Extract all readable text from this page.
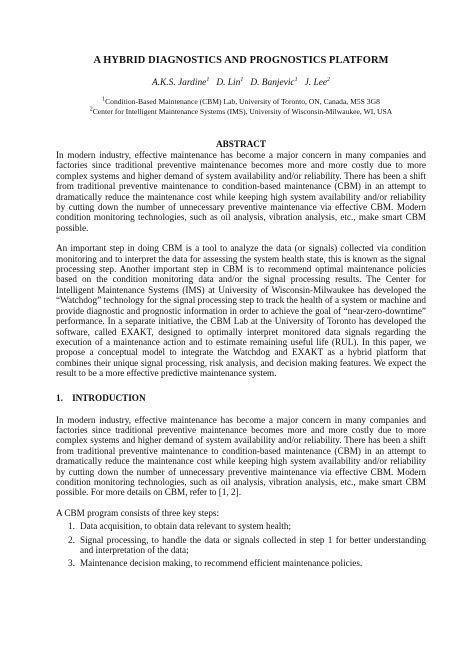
A HYBRID DIAGNOSTICS AND PROGNOSTICS PLATFORM

A.K.S. Jardine$^1$ D. Lin$^1$ D. Banjevic$^1$ J. Lee$^2$

$^1$Condition-Based Maintenance (CBM) Lab, University of Toronto, ON, Canada, M5S 3G8
$^2$Center for Intelligent Maintenance Systems (IMS), University of Wisconsin-Milwaukee, WI, USA
ABSTRACT

In modern industry, effective maintenance has become a major concern in many companies and factories since traditional preventive maintenance becomes more and more costly due to more complex systems and higher demand of system availability and/or reliability. There has been a shift from traditional preventive maintenance to condition-based maintenance (CBM) in an attempt to dramatically reduce the maintenance cost while keeping high system availability and/or reliability by cutting down the number of unnecessary preventive maintenance via effective CBM. Modern condition monitoring technologies, such as oil analysis, vibration analysis, etc., make smart CBM possible.

An important step in doing CBM is a tool to analyze the data (or signals) collected via condition monitoring and to interpret the data for assessing the system health state, this is known as the signal processing step. Another important step in CBM is to recommend optimal maintenance policies based on the condition monitoring data and/or the signal processing results. The Center for Intelligent Maintenance Systems (IMS) at University of Wisconsin-Milwaukee has developed the “Watchdog” technology for the signal processing step to track the health of a system or machine and provide diagnostic and prognostic information in order to achieve the goal of “near-zero-downtime” performance. In a separate initiative, the CBM Lab at the University of Toronto has developed the software, called EXAKT, designed to optimally interpret monitored data signals regarding the execution of a maintenance action and to estimate remaining useful life (RUL). In this paper, we propose a conceptual model to integrate the Watchdog and EXAKT as a hybrid platform that combines their unique signal processing, risk analysis, and decision making features. We expect the result to be a more effective predictive maintenance system.

1.    INTRODUCTION

In modern industry, effective maintenance has become a major concern in many companies and factories since traditional preventive maintenance becomes more and more costly due to more complex systems and higher demand of system availability and/or reliability. There has been a shift from traditional preventive maintenance to condition-based maintenance (CBM) in an attempt to dramatically reduce the maintenance cost while keeping high system availability and/or reliability by cutting down the number of unnecessary preventive maintenance via effective CBM. Modern condition monitoring technologies, such as oil analysis, vibration analysis, etc., make smart CBM possible. For more details on CBM, refer to [1, 2].

A CBM program consists of three key steps:

1. Data acquisition, to obtain data relevant to system health;
2. Signal processing, to handle the data or signals collected in step 1 for better understanding and interpretation of the data;
3. Maintenance decision making, to recommend efficient maintenance policies.
